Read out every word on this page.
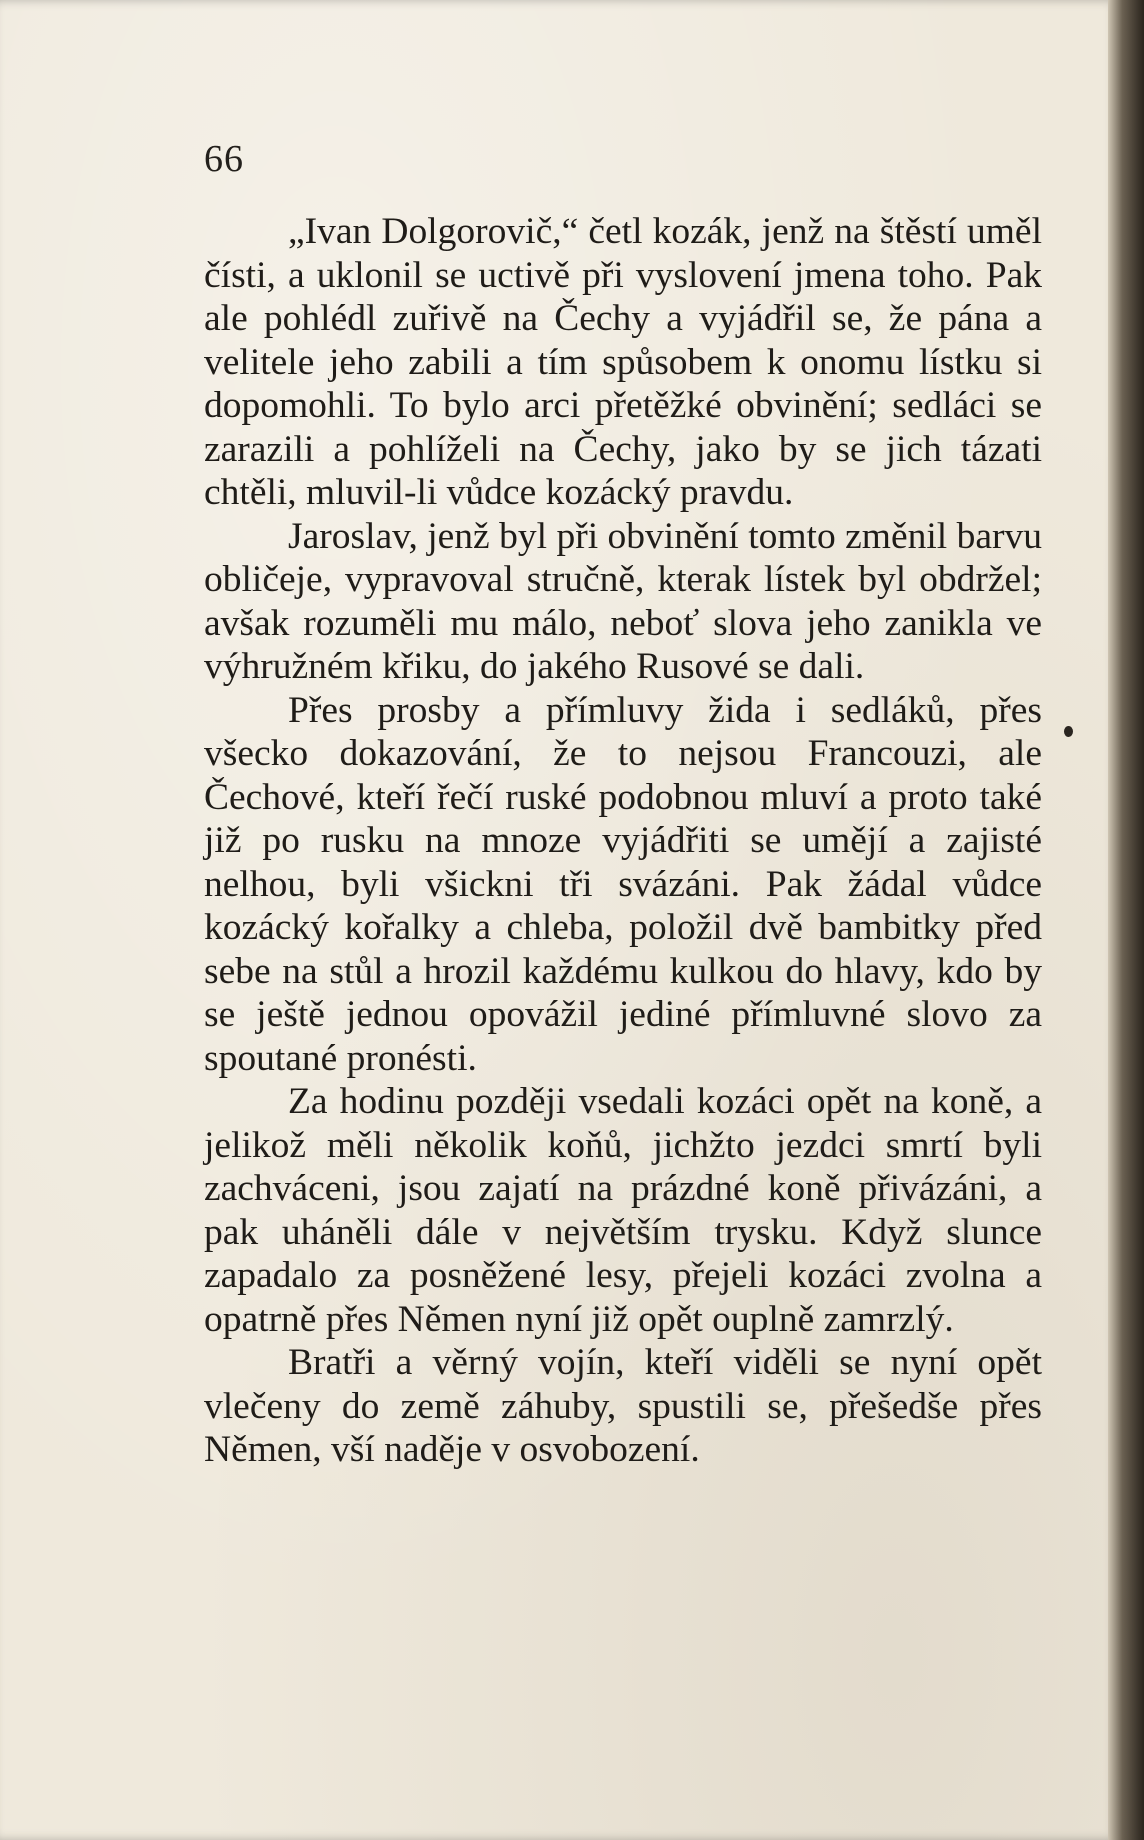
66

„Ivan Dolgorovič,“ četl kozák, jenž na štěstí uměl čísti, a uklonil se uctivě při vyslovení jmena toho. Pak ale pohlédl zuřivě na Čechy a vyjádřil se, že pána a velitele jeho zabili a tím spůsobem k onomu lístku si dopomohli. To bylo arci přetěžké obvinění; sedláci se zarazili a pohlíželi na Čechy, jako by se jich tázati chtěli, mluvil-li vůdce kozácký pravdu.

Jaroslav, jenž byl při obvinění tomto změnil barvu obličeje, vypravoval stručně, kterak lístek byl obdržel; avšak rozuměli mu málo, neboť slova jeho zanikla ve výhružném křiku, do jakého Rusové se dali.

Přes prosby a přímluvy žida i sedláků, přes všecko dokazování, že to nejsou Francouzi, ale Čechové, kteří řečí ruské podobnou mluví a proto také již po rusku na mnoze vyjádřiti se umějí a zajisté nelhou, byli všickni tři svázáni. Pak žádal vůdce kozácký kořalky a chleba, položil dvě bambitky před sebe na stůl a hrozil každému kulkou do hlavy, kdo by se ještě jednou opovážil jediné přímluvné slovo za spoutané pronésti.

Za hodinu později vsedali kozáci opět na koně, a jelikož měli několik koňů, jichžto jezdci smrtí byli zachváceni, jsou zajatí na prázdné koně přivázáni, a pak uháněli dále v největším trysku. Když slunce zapadalo za posněžené lesy, přejeli kozáci zvolna a opatrně přes Němen nyní již opět ouplně zamrzlý.

Bratři a věrný vojín, kteří viděli se nyní opět vlečeny do země záhuby, spustili se, přešedše přes Němen, vší naděje v osvobození.
